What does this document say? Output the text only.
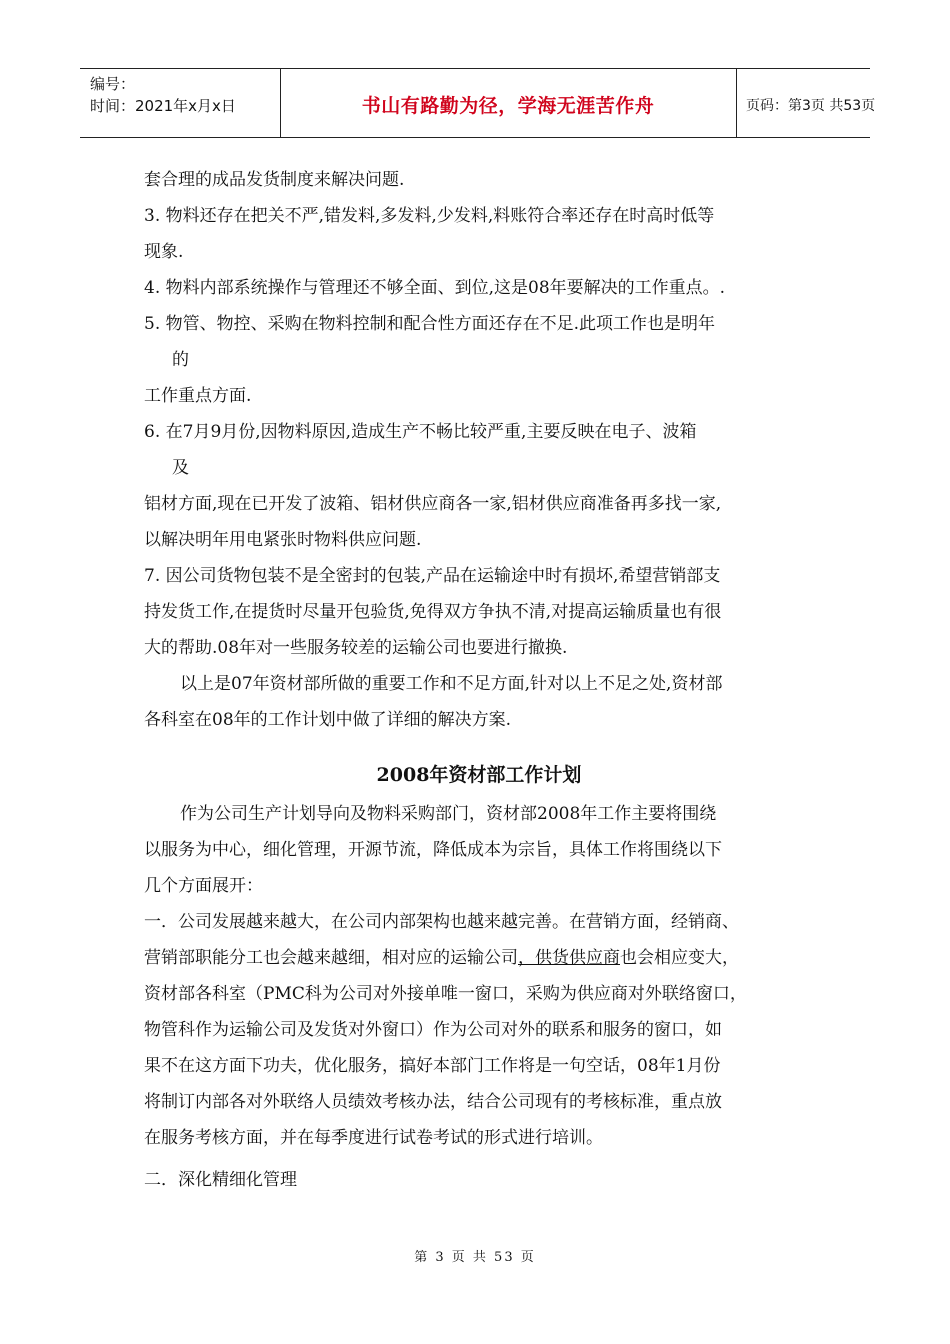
编号：
时间：2021年x月x日	书山有路勤为径，学海无涯苦作舟	页码：第3页 共53页
套合理的成品发货制度来解决问题.
3. 物料还存在把关不严,错发料,多发料,少发料,料账符合率还存在时高时低等
现象.
4. 物料内部系统操作与管理还不够全面、到位,这是08年要解决的工作重点。.
5. 物管、物控、采购在物料控制和配合性方面还存在不足.此项工作也是明年
的
工作重点方面.
6. 在7月9月份,因物料原因,造成生产不畅比较严重,主要反映在电子、波箱
及
铝材方面,现在已开发了波箱、铝材供应商各一家,铝材供应商准备再多找一家,
以解决明年用电紧张时物料供应问题.
7. 因公司货物包装不是全密封的包装,产品在运输途中时有损坏,希望营销部支
持发货工作,在提货时尽量开包验货,免得双方争执不清,对提高运输质量也有很
大的帮助.08年对一些服务较差的运输公司也要进行撤换.
以上是07年资材部所做的重要工作和不足方面,针对以上不足之处,资材部
各科室在08年的工作计划中做了详细的解决方案.
2008年资材部工作计划
作为公司生产计划导向及物料采购部门，资材部2008年工作主要将围绕
以服务为中心，细化管理，开源节流，降低成本为宗旨，具体工作将围绕以下
几个方面展开：
一．公司发展越来越大，在公司内部架构也越来越完善。在营销方面，经销商、
营销部职能分工也会越来越细，相对应的运输公司，供货供应商也会相应变大，
资材部各科室（PMC科为公司对外接单唯一窗口，采购为供应商对外联络窗口，
物管科作为运输公司及发货对外窗口）作为公司对外的联系和服务的窗口，如
果不在这方面下功夫，优化服务，搞好本部门工作将是一句空话，08年1月份
将制订内部各对外联络人员绩效考核办法，结合公司现有的考核标准，重点放
在服务考核方面，并在每季度进行试卷考试的形式进行培训。
二．深化精细化管理
第 3 页 共 53 页
